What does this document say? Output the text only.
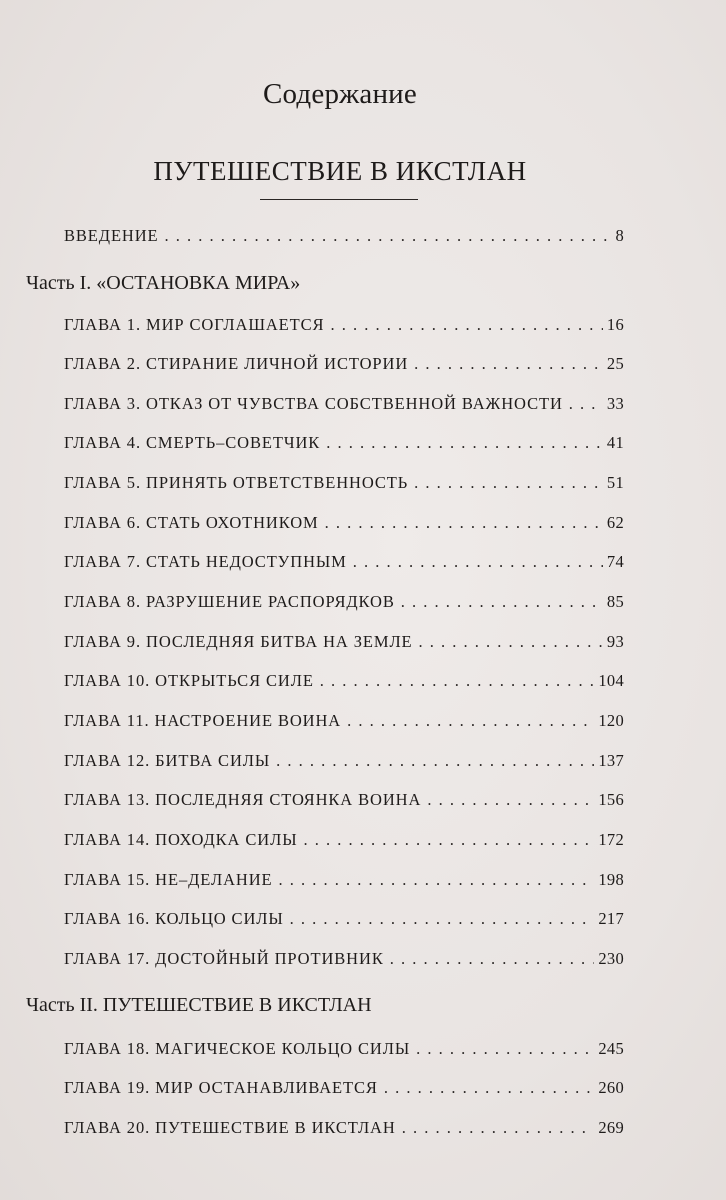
Содержание
ПУТЕШЕСТВИЕ В ИКСТЛАН
ВВЕДЕНИЕ . . .	8
Часть I. «ОСТАНОВКА МИРА»
ГЛАВА 1. МИР СОГЛАШАЕТСЯ . . .	16
ГЛАВА 2. СТИРАНИЕ ЛИЧНОЙ ИСТОРИИ . . .	25
ГЛАВА 3. ОТКАЗ ОТ ЧУВСТВА СОБСТВЕННОЙ ВАЖНОСТИ . . .	33
ГЛАВА 4. СМЕРТЬ–СОВЕТЧИК . . .	41
ГЛАВА 5. ПРИНЯТЬ ОТВЕТСТВЕННОСТЬ . . .	51
ГЛАВА 6. СТАТЬ ОХОТНИКОМ . . .	62
ГЛАВА 7. СТАТЬ НЕДОСТУПНЫМ . . .	74
ГЛАВА 8. РАЗРУШЕНИЕ РАСПОРЯДКОВ . . .	85
ГЛАВА 9. ПОСЛЕДНЯЯ БИТВА НА ЗЕМЛЕ . . .	93
ГЛАВА 10. ОТКРЫТЬСЯ СИЛЕ . . .	104
ГЛАВА 11. НАСТРОЕНИЕ ВОИНА . . .	120
ГЛАВА 12. БИТВА СИЛЫ . . .	137
ГЛАВА 13. ПОСЛЕДНЯЯ СТОЯНКА ВОИНА . . .	156
ГЛАВА 14. ПОХОДКА СИЛЫ . . .	172
ГЛАВА 15. НЕ–ДЕЛАНИЕ . . .	198
ГЛАВА 16. КОЛЬЦО СИЛЫ . . .	217
ГЛАВА 17. ДОСТОЙНЫЙ ПРОТИВНИК . . .	230
Часть II. ПУТЕШЕСТВИЕ В ИКСТЛАН
ГЛАВА 18. МАГИЧЕСКОЕ КОЛЬЦО СИЛЫ . . .	245
ГЛАВА 19. МИР ОСТАНАВЛИВАЕТСЯ . . .	260
ГЛАВА 20. ПУТЕШЕСТВИЕ В ИКСТЛАН . . .	269
